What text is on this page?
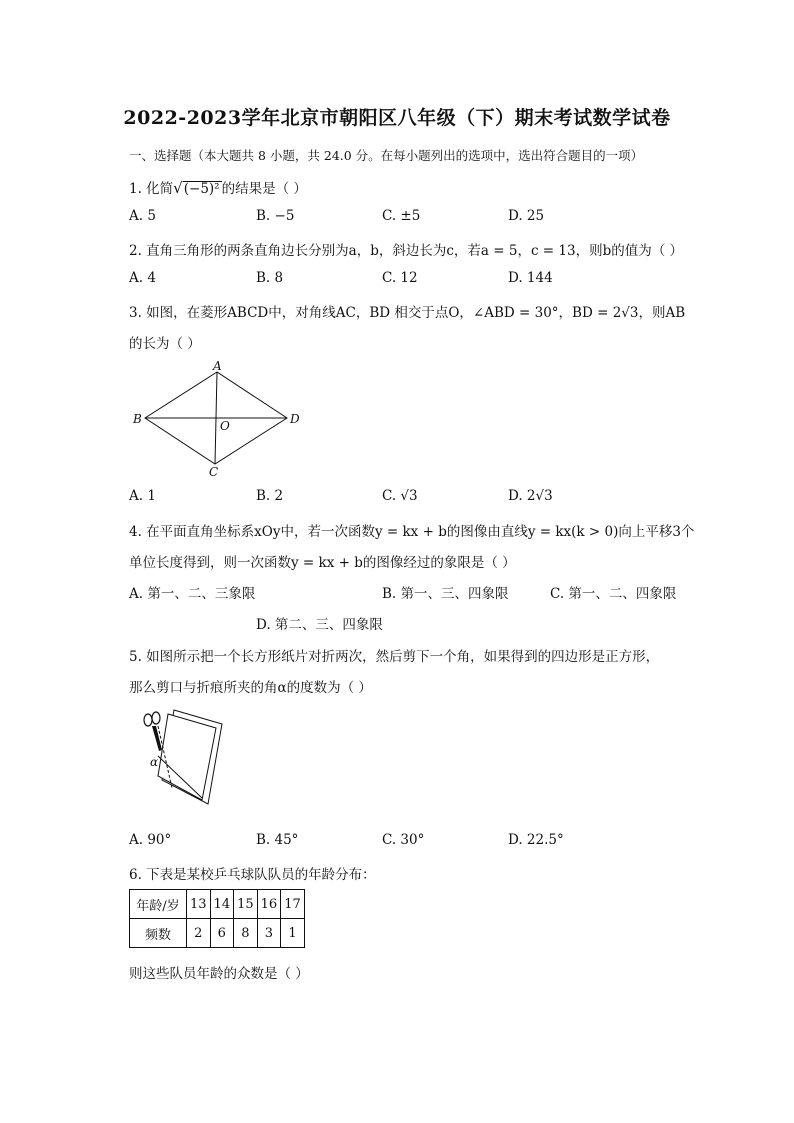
2022-2023学年北京市朝阳区八年级（下）期末考试数学试卷
一、选择题（本大题共 8 小题，共 24.0 分。在每小题列出的选项中，选出符合题目的一项）
1. 化简√(−5)² 的结果是（ ）
A. 5	B. −5	C. ±5	D. 25
2. 直角三角形的两条直角边长分别为a，b，斜边长为c，若a = 5，c = 13，则b的值为（ ）
A. 4	B. 8	C. 12	D. 144
3. 如图，在菱形ABCD中，对角线AC，BD 相交于点O，∠ABD = 30°，BD = 2√3，则AB
的长为（ ）
A
B
C
D
O
A. 1	B. 2	C. √3	D. 2√3
4. 在平面直角坐标系xOy中，若一次函数y = kx + b的图像由直线y = kx(k > 0)向上平移3个
单位长度得到，则一次函数y = kx + b的图像经过的象限是（ ）
A. 第一、二、三象限	B. 第一、三、四象限	C. 第一、二、四象限
D. 第二、三、四象限
5. 如图所示把一个长方形纸片对折两次，然后剪下一个角，如果得到的四边形是正方形，
那么剪口与折痕所夹的角α的度数为（ ）
α
A. 90°	B. 45°	C. 30°	D. 22.5°
6. 下表是某校乒乓球队队员的年龄分布：
年龄/岁	13	14	15	16	17
频数	2	6	8	3	1
则这些队员年龄的众数是（ ）
